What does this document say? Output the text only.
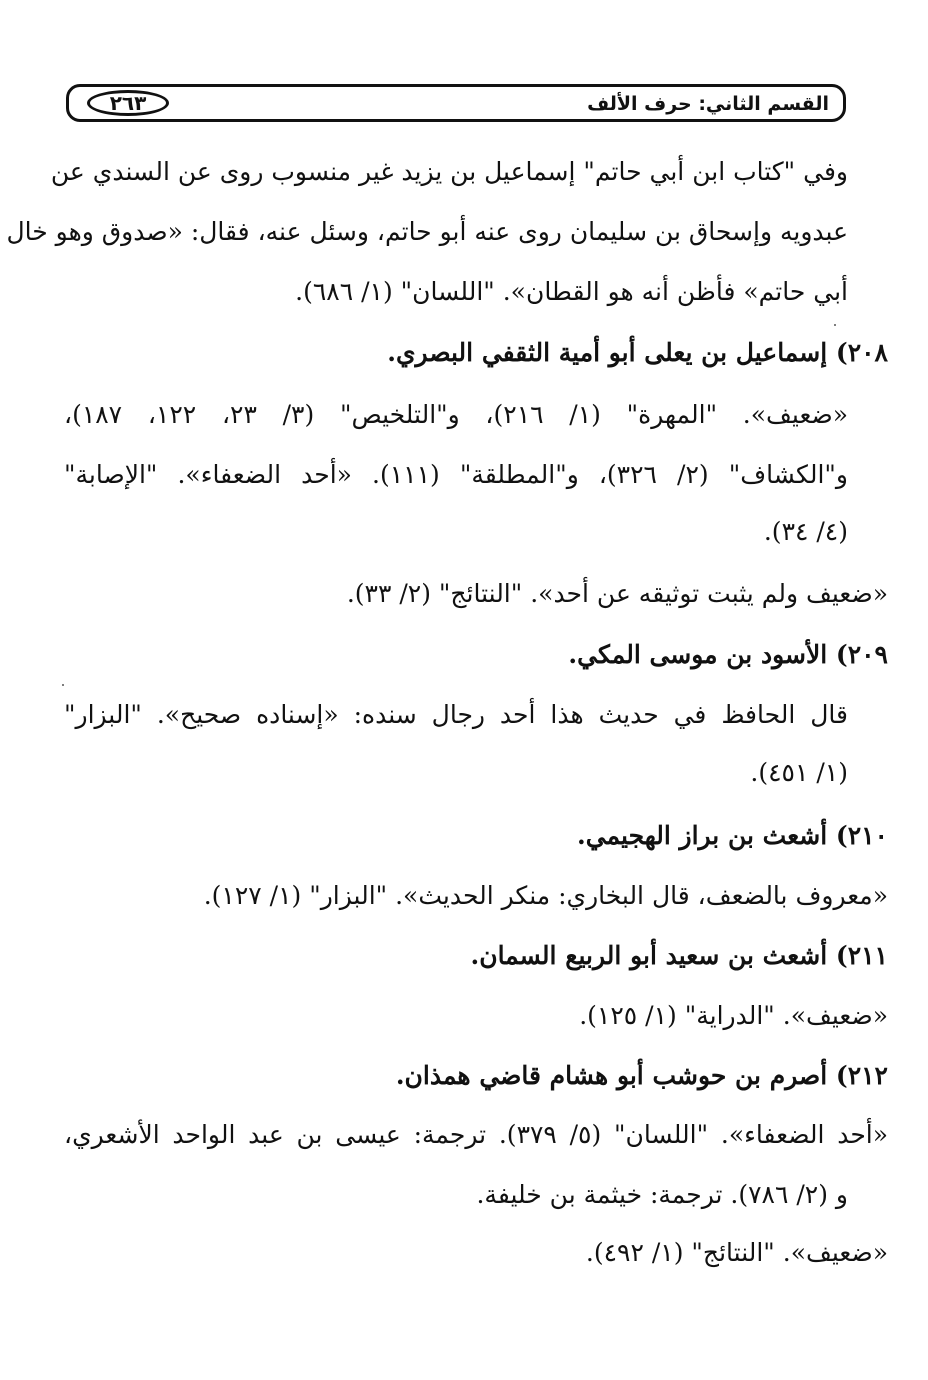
٢٦٣	القسم الثاني: حرف الألف
وفي "كتاب ابن أبي حاتم" إسماعيل بن يزيد غير منسوب روى عن السندي عن
عبدويه وإسحاق بن سليمان روى عنه أبو حاتم، وسئل عنه، فقال: «صدوق وهو خال
أبي حاتم» فأظن أنه هو القطان». "اللسان" (١/ ٦٨٦).
٢٠٨) إسماعيل بن يعلى أبو أمية الثقفي البصري.
«ضعيف». "المهرة" (١/ ٢١٦)، و"التلخيص" (٣/ ٢٣، ١٢٢، ١٨٧)،
و"الكشاف" (٢/ ٣٢٦)، و"المطلقة" (١١١). «أحد الضعفاء». "الإصابة"
(٤/ ٣٤).
«ضعيف ولم يثبت توثيقه عن أحد». "النتائج" (٢/ ٣٣).
٢٠٩) الأسود بن موسى المكي.
قال الحافظ في حديث هذا أحد رجال سنده: «إسناده صحيح». "البزار"
(١/ ٤٥١).
٢١٠) أشعث بن براز الهجيمي.
«معروف بالضعف، قال البخاري: منكر الحديث». "البزار" (١/ ١٢٧).
٢١١) أشعث بن سعيد أبو الربيع السمان.
«ضعيف». "الدراية" (١/ ١٢٥).
٢١٢) أصرم بن حوشب أبو هشام قاضي همذان.
«أحد الضعفاء». "اللسان" (٥/ ٣٧٩). ترجمة: عيسى بن عبد الواحد الأشعري،
و (٢/ ٧٨٦). ترجمة: خيثمة بن خليفة.
«ضعيف». "النتائج" (١/ ٤٩٢).
